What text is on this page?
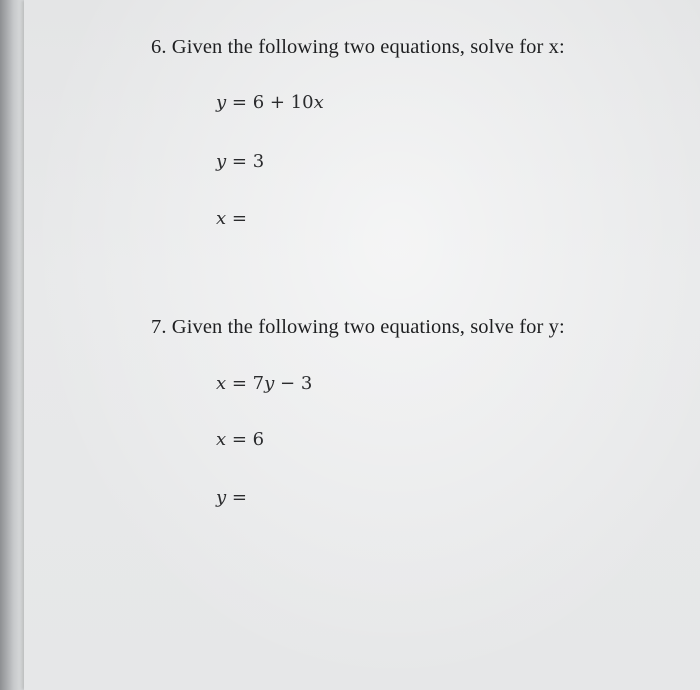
6. Given the following two equations, solve for x:
y = 6 + 10x
y = 3
x =
7. Given the following two equations, solve for y:
x = 7y − 3
x = 6
y =
